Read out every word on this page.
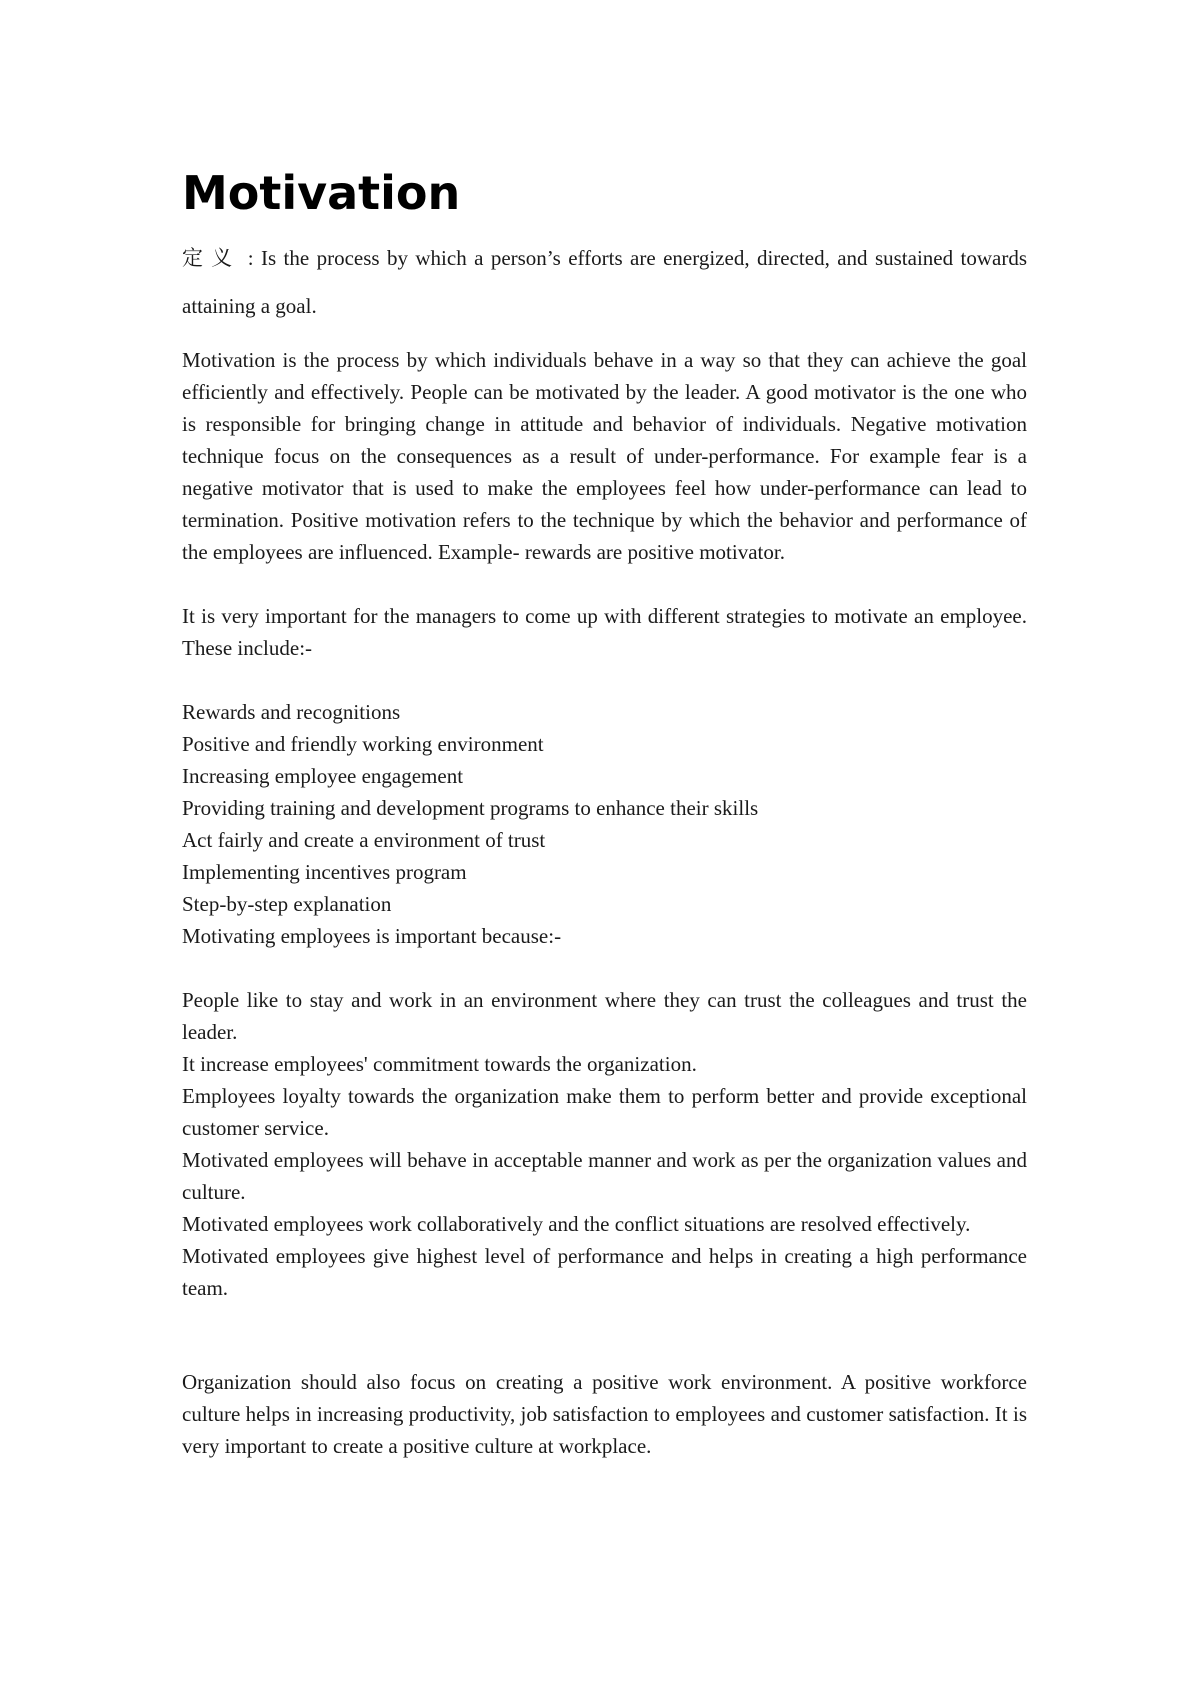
Motivation

定义 : Is the process by which a person’s efforts are energized, directed, and sustained towards attaining a goal.

Motivation is the process by which individuals behave in a way so that they can achieve the goal efficiently and effectively. People can be motivated by the leader. A good motivator is the one who is responsible for bringing change in attitude and behavior of individuals. Negative motivation technique focus on the consequences as a result of under-performance. For example fear is a negative motivator that is used to make the employees feel how under-performance can lead to termination. Positive motivation refers to the technique by which the behavior and performance of the employees are influenced. Example- rewards are positive motivator.

It is very important for the managers to come up with different strategies to motivate an employee. These include:-

Rewards and recognitions
Positive and friendly working environment
Increasing employee engagement
Providing training and development programs to enhance their skills
Act fairly and create a environment of trust
Implementing incentives program
Step-by-step explanation
Motivating employees is important because:-
People like to stay and work in an environment where they can trust the colleagues and trust the leader.
It increase employees' commitment towards the organization.
Employees loyalty towards the organization make them to perform better and provide exceptional customer service.
Motivated employees will behave in acceptable manner and work as per the organization values and culture.
Motivated employees work collaboratively and the conflict situations are resolved effectively.
Motivated employees give highest level of performance and helps in creating a high performance team.

Organization should also focus on creating a positive work environment. A positive workforce culture helps in increasing productivity, job satisfaction to employees and customer satisfaction. It is very important to create a positive culture at workplace.
